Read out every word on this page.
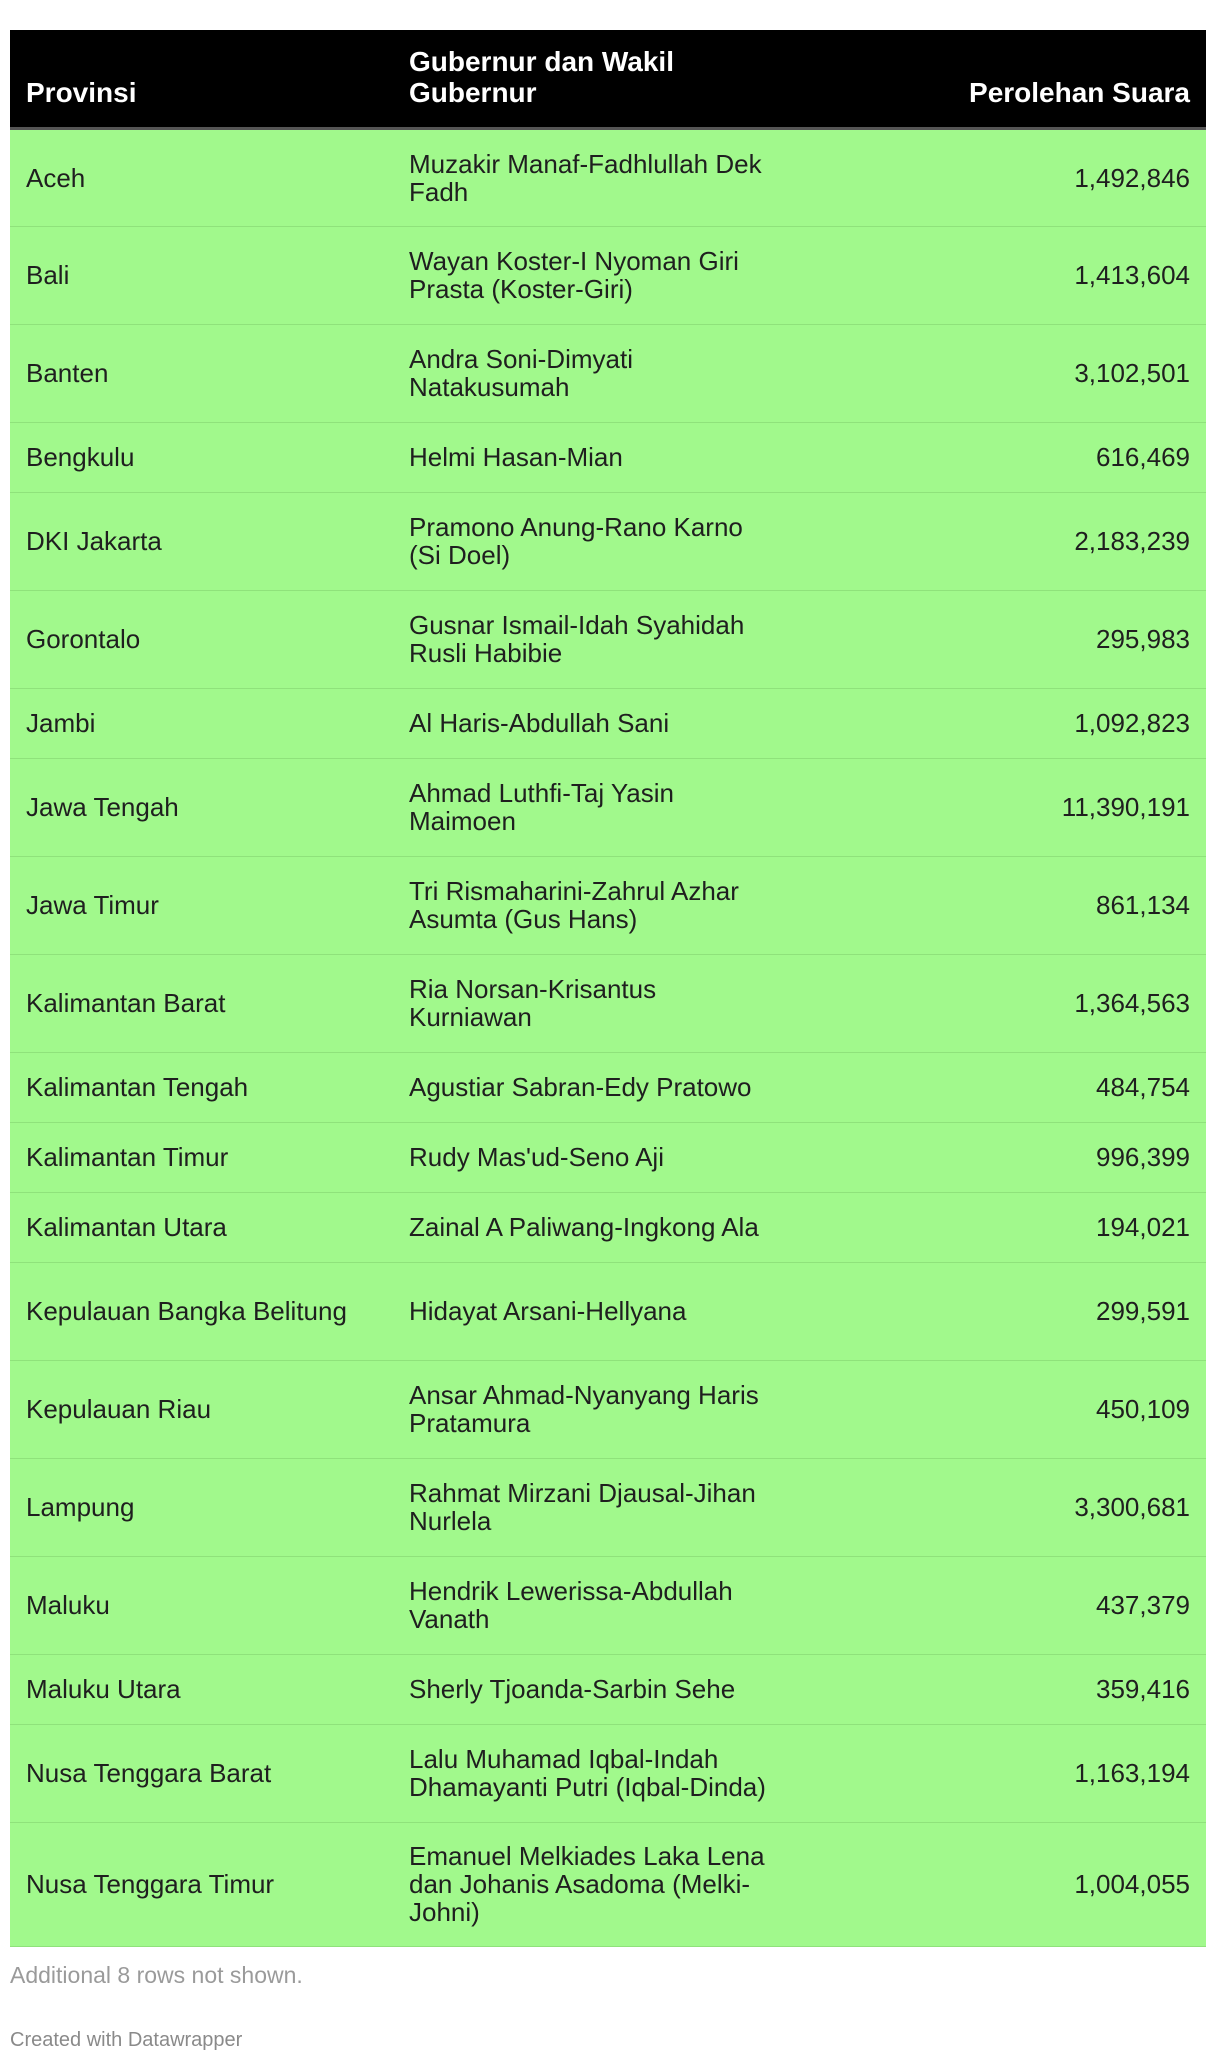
Provinsi	Gubernur dan Wakil Gubernur	Perolehan Suara
Aceh	Muzakir Manaf-Fadhlullah Dek Fadh	1,492,846
Bali	Wayan Koster-I Nyoman Giri Prasta (Koster-Giri)	1,413,604
Banten	Andra Soni-Dimyati Natakusumah	3,102,501
Bengkulu	Helmi Hasan-Mian	616,469
DKI Jakarta	Pramono Anung-Rano Karno (Si Doel)	2,183,239
Gorontalo	Gusnar Ismail-Idah Syahidah Rusli Habibie	295,983
Jambi	Al Haris-Abdullah Sani	1,092,823
Jawa Tengah	Ahmad Luthfi-Taj Yasin Maimoen	11,390,191
Jawa Timur	Tri Rismaharini-Zahrul Azhar Asumta (Gus Hans)	861,134
Kalimantan Barat	Ria Norsan-Krisantus Kurniawan	1,364,563
Kalimantan Tengah	Agustiar Sabran-Edy Pratowo	484,754
Kalimantan Timur	Rudy Mas'ud-Seno Aji	996,399
Kalimantan Utara	Zainal A Paliwang-Ingkong Ala	194,021
Kepulauan Bangka Belitung	Hidayat Arsani-Hellyana	299,591
Kepulauan Riau	Ansar Ahmad-Nyanyang Haris Pratamura	450,109
Lampung	Rahmat Mirzani Djausal-Jihan Nurlela	3,300,681
Maluku	Hendrik Lewerissa-Abdullah Vanath	437,379
Maluku Utara	Sherly Tjoanda-Sarbin Sehe	359,416
Nusa Tenggara Barat	Lalu Muhamad Iqbal-Indah Dhamayanti Putri (Iqbal-Dinda)	1,163,194
Nusa Tenggara Timur	Emanuel Melkiades Laka Lena dan Johanis Asadoma (Melki-Johni)	1,004,055
Additional 8 rows not shown.
Created with Datawrapper
